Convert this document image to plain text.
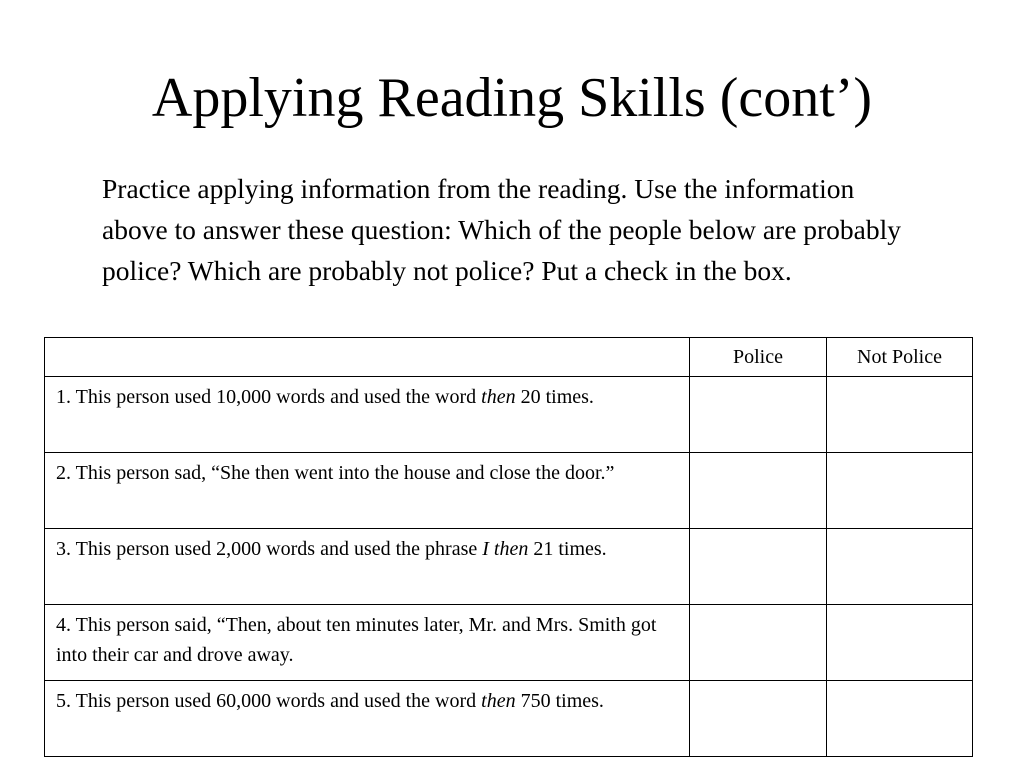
Applying Reading Skills (cont’)

Practice applying information from the reading. Use the information above to answer these question: Which of the people below are probably police? Which are probably not police? Put a check in the box.

	Police	Not Police
1. This person used 10,000 words and used the word then 20 times.		
2. This person sad, “She then went into the house and close the door.”		
3. This person used 2,000 words and used the phrase I then 21 times.		
4. This person said, “Then, about ten minutes later, Mr. and Mrs. Smith got into their car and drove away.		
5. This person used 60,000 words and used the word then 750 times.		
